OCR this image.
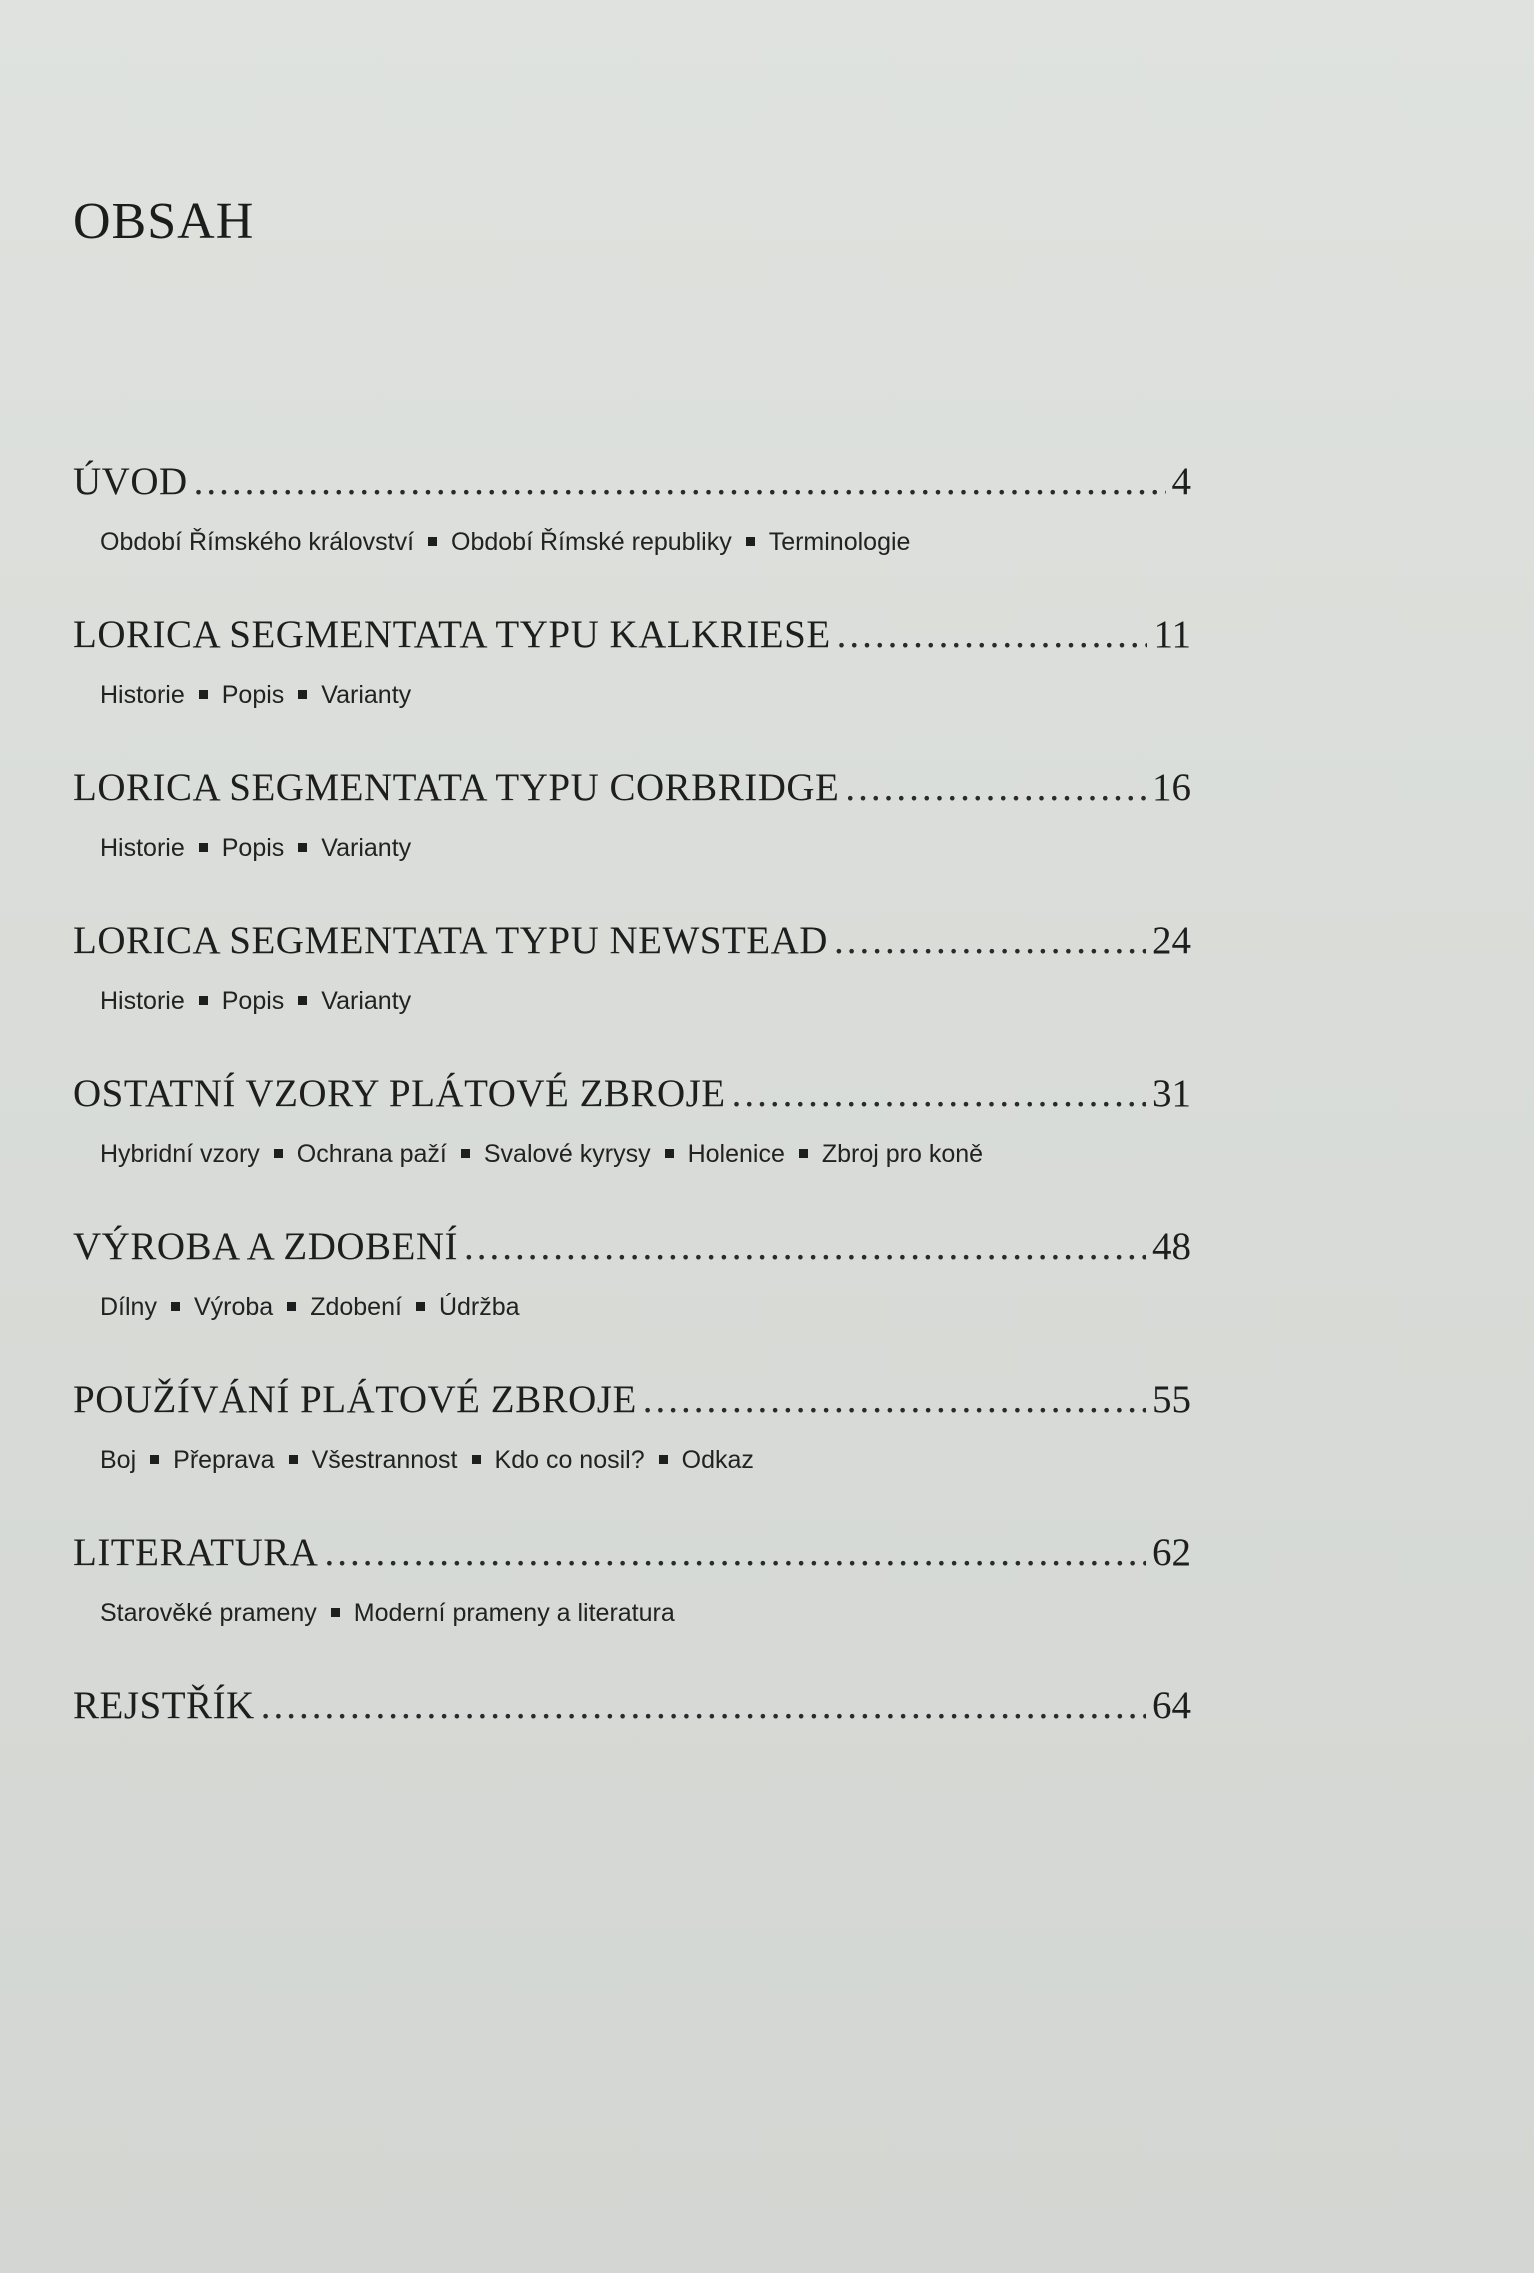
OBSAH
ÚVOD .....	4
Období Římského království Období Římské republiky Terminologie
LORICA SEGMENTATA TYPU KALKRIESE .....	11
Historie Popis Varianty
LORICA SEGMENTATA TYPU CORBRIDGE .....	16
Historie Popis Varianty
LORICA SEGMENTATA TYPU NEWSTEAD .....	24
Historie Popis Varianty
OSTATNÍ VZORY PLÁTOVÉ ZBROJE .....	31
Hybridní vzory Ochrana paží Svalové kyrysy Holenice Zbroj pro koně
VÝROBA A ZDOBENÍ .....	48
Dílny Výroba Zdobení Údržba
POUŽÍVÁNÍ PLÁTOVÉ ZBROJE .....	55
Boj Přeprava Všestrannost Kdo co nosil? Odkaz
LITERATURA .....	62
Starověké prameny Moderní prameny a literatura
REJSTŘÍK .....	64
